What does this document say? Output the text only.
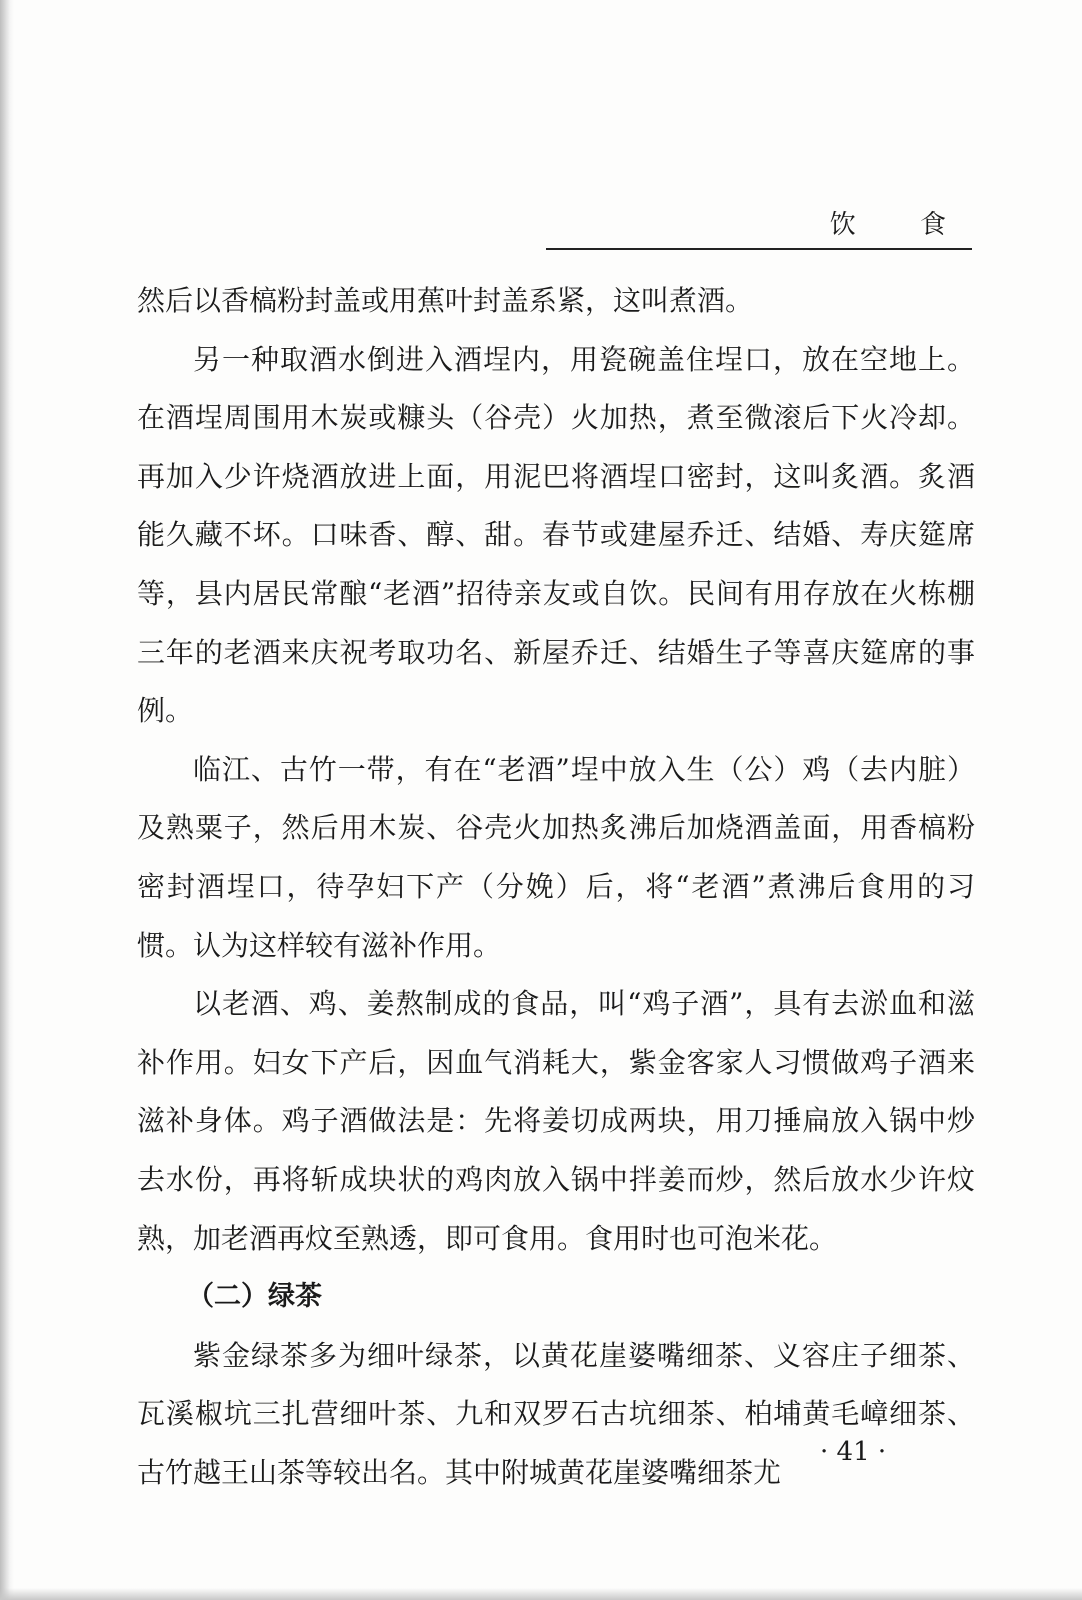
饮 食

然后以香槁粉封盖或用蕉叶封盖系紧，这叫煮酒。

另一种取酒水倒进入酒埕内，用瓷碗盖住埕口，放在空地上。在酒埕周围用木炭或糠头（谷壳）火加热，煮至微滚后下火冷却。再加入少许烧酒放进上面，用泥巴将酒埕口密封，这叫炙酒。炙酒能久藏不坏。口味香、醇、甜。春节或建屋乔迁、结婚、寿庆筵席等，县内居民常酿“老酒”招待亲友或自饮。民间有用存放在火栋棚三年的老酒来庆祝考取功名、新屋乔迁、结婚生子等喜庆筵席的事例。

临江、古竹一带，有在“老酒”埕中放入生（公）鸡（去内脏）及熟粟子，然后用木炭、谷壳火加热炙沸后加烧酒盖面，用香槁粉密封酒埕口，待孕妇下产（分娩）后，将“老酒”煮沸后食用的习惯。认为这样较有滋补作用。

以老酒、鸡、姜熬制成的食品，叫“鸡子酒”，具有去淤血和滋补作用。妇女下产后，因血气消耗大，紫金客家人习惯做鸡子酒来滋补身体。鸡子酒做法是：先将姜切成两块，用刀捶扁放入锅中炒去水份，再将斩成块状的鸡肉放入锅中拌姜而炒，然后放水少许炆熟，加老酒再炆至熟透，即可食用。食用时也可泡米花。

（二）绿茶

紫金绿茶多为细叶绿茶，以黄花崖婆嘴细茶、义容庄子细茶、瓦溪椒坑三扎营细叶茶、九和双罗石古坑细茶、柏埔黄毛嶂细茶、古竹越王山茶等较出名。其中附城黄花崖婆嘴细茶尤

· 41 ·
